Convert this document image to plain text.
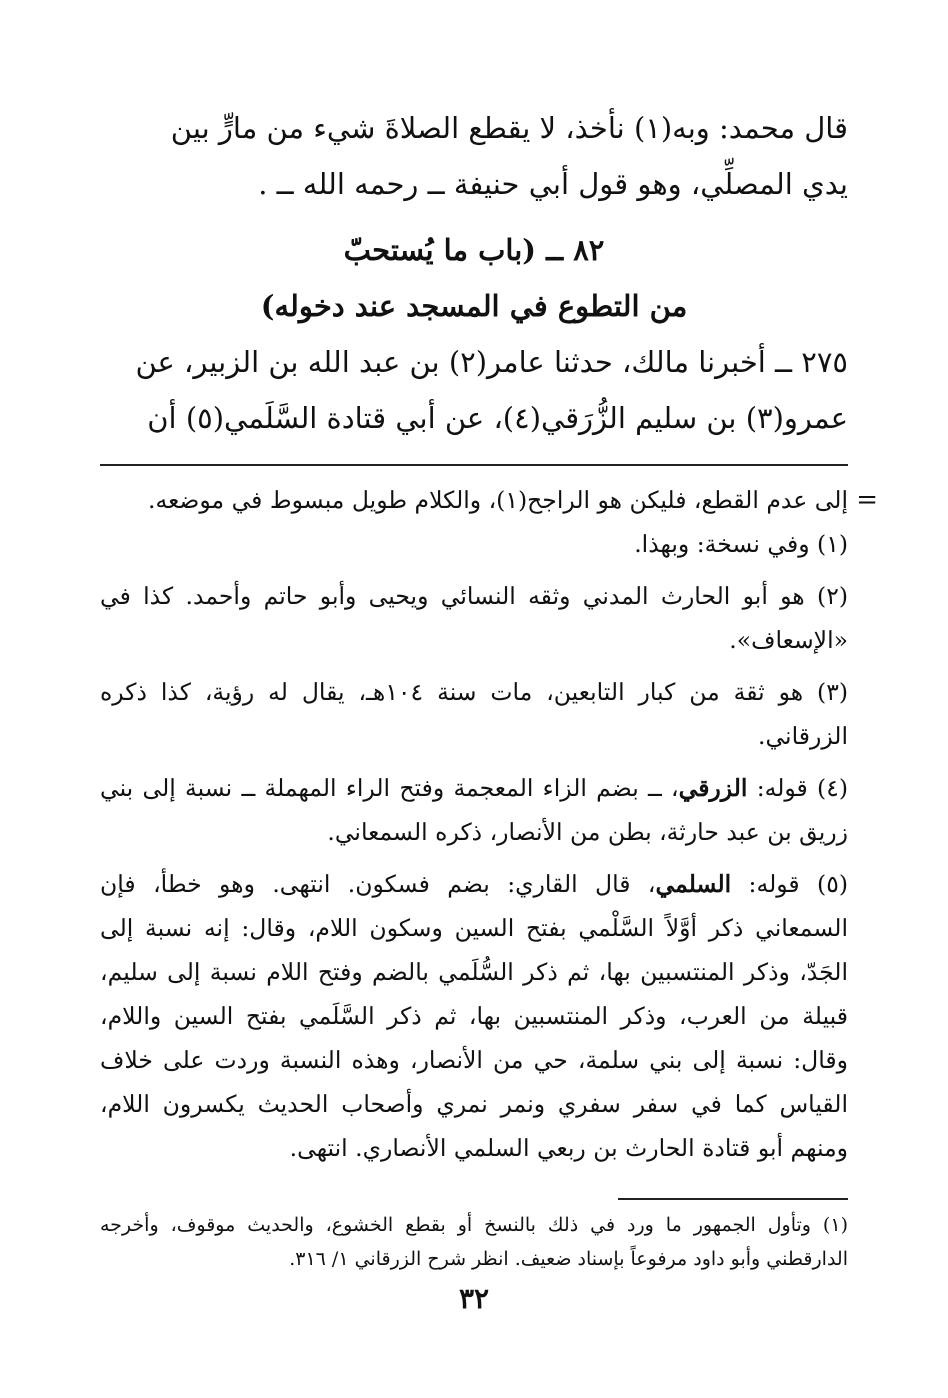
قال محمد: وبه(١) نأخذ، لا يقطع الصلاةَ شيء من مارٍّ بين

يدي المصلِّي، وهو قول أبي حنيفة ــ رحمه الله ــ .

٨٢ ــ (باب ما يُستحبّ

من التطوع في المسجد عند دخوله)

٢٧٥ ــ أخبرنا مالك، حدثنا عامر(٢) بن عبد الله بن الزبير، عن

عمرو(٣) بن سليم الزُّرَقي(٤)، عن أبي قتادة السَّلَمي(٥) أن

=

إلى عدم القطع، فليكن هو الراجح(١)، والكلام طويل مبسوط في موضعه.

(١) وفي نسخة: وبهذا.

(٢) هو أبو الحارث المدني وثقه النسائي ويحيى وأبو حاتم وأحمد. كذا في «الإسعاف».

(٣) هو ثقة من كبار التابعين، مات سنة ١٠٤هـ، يقال له رؤية، كذا ذكره الزرقاني.

(٤) قوله: الزرقي، ــ بضم الزاء المعجمة وفتح الراء المهملة ــ نسبة إلى بني زريق بن عبد حارثة، بطن من الأنصار، ذكره السمعاني.

(٥) قوله: السلمي، قال القاري: بضم فسكون. انتهى. وهو خطأ، فإن السمعاني ذكر أوَّلاً السَّلْمي بفتح السين وسكون اللام، وقال: إنه نسبة إلى الجَدّ، وذكر المنتسبين بها، ثم ذكر السُّلَمي بالضم وفتح اللام نسبة إلى سليم، قبيلة من العرب، وذكر المنتسبين بها، ثم ذكر السَّلَمي بفتح السين واللام، وقال: نسبة إلى بني سلمة، حي من الأنصار، وهذه النسبة وردت على خلاف القياس كما في سفر سفري ونمر نمري وأصحاب الحديث يكسرون اللام، ومنهم أبو قتادة الحارث بن ربعي السلمي الأنصاري. انتهى.

(١) وتأول الجمهور ما ورد في ذلك بالنسخ أو بقطع الخشوع، والحديث موقوف، وأخرجه الدارقطني وأبو داود مرفوعاً بإسناد ضعيف. انظر شرح الزرقاني ١/ ٣١٦.

٣٢
